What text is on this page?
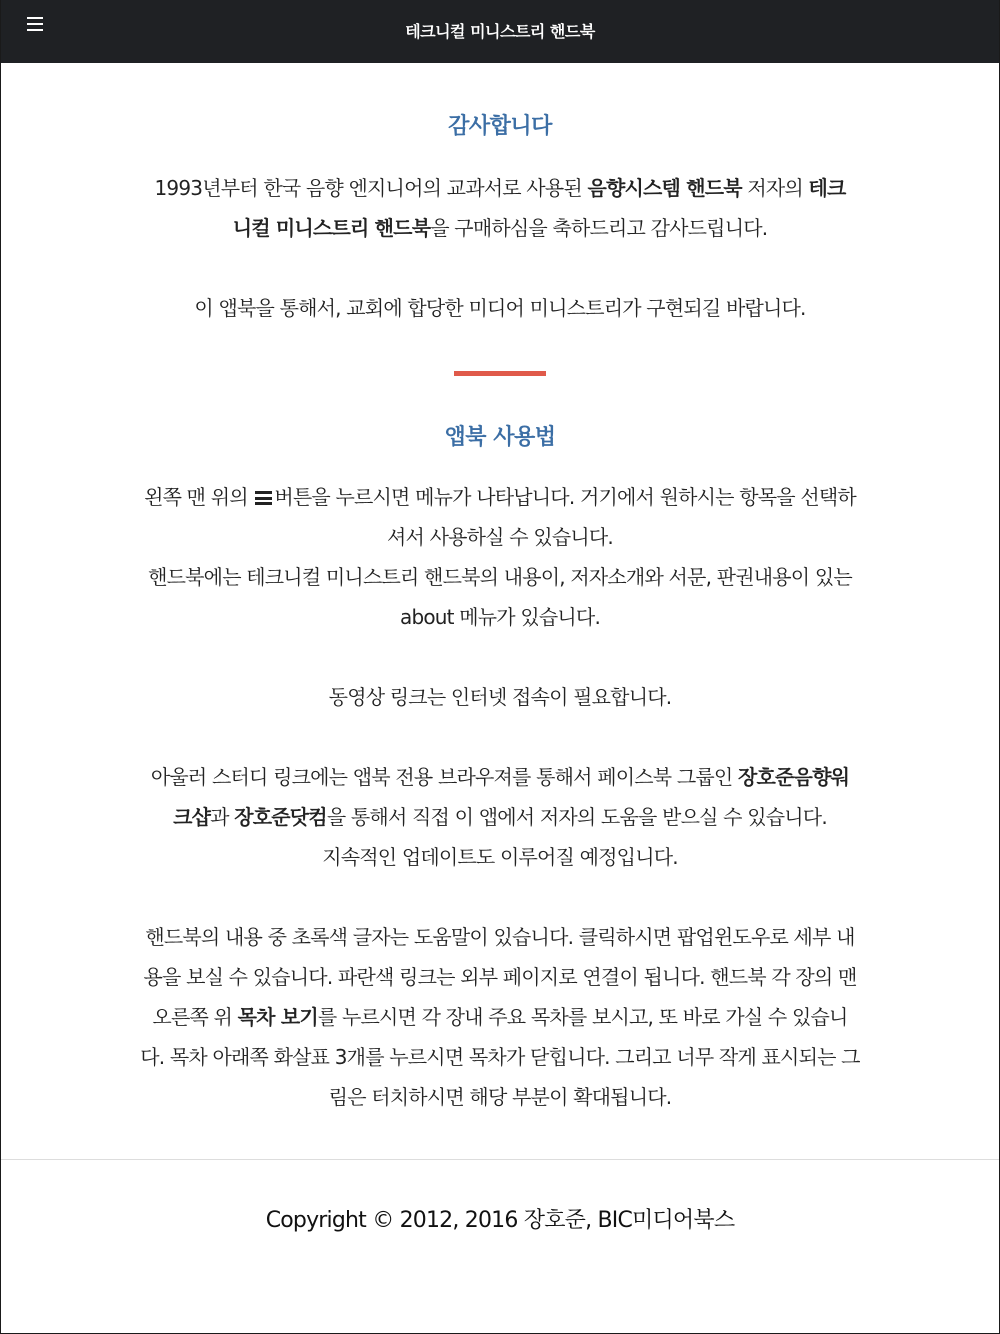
테크니컬 미니스트리 핸드북
감사합니다

1993년부터 한국 음향 엔지니어의 교과서로 사용된 음향시스템 핸드북 저자의 테크
니컬 미니스트리 핸드북을 구매하심을 축하드리고 감사드립니다.

이 앱북을 통해서, 교회에 합당한 미디어 미니스트리가 구현되길 바랍니다.

앱북 사용법

왼쪽 맨 위의
버튼을 누르시면 메뉴가 나타납니다. 거기에서 원하시는 항목을 선택하
셔서 사용하실 수 있습니다.
핸드북에는 테크니컬 미니스트리 핸드북의 내용이, 저자소개와 서문, 판권내용이 있는
about 메뉴가 있습니다.

동영상 링크는 인터넷 접속이 필요합니다.

아울러 스터디 링크에는 앱북 전용 브라우져를 통해서 페이스북 그룹인 장호준음향워
크샵과 장호준닷컴을 통해서 직접 이 앱에서 저자의 도움을 받으실 수 있습니다.
지속적인 업데이트도 이루어질 예정입니다.

핸드북의 내용 중 초록색 글자는 도움말이 있습니다. 클릭하시면 팝업윈도우로 세부 내
용을 보실 수 있습니다. 파란색 링크는 외부 페이지로 연결이 됩니다. 핸드북 각 장의 맨
오른쪽 위 목차 보기를 누르시면 각 장내 주요 목차를 보시고, 또 바로 가실 수 있습니
다. 목차 아래쪽 화살표 3개를 누르시면 목차가 닫힙니다. 그리고 너무 작게 표시되는 그
림은 터치하시면 해당 부분이 확대됩니다.

Copyright © 2012, 2016 장호준, BIC미디어북스
